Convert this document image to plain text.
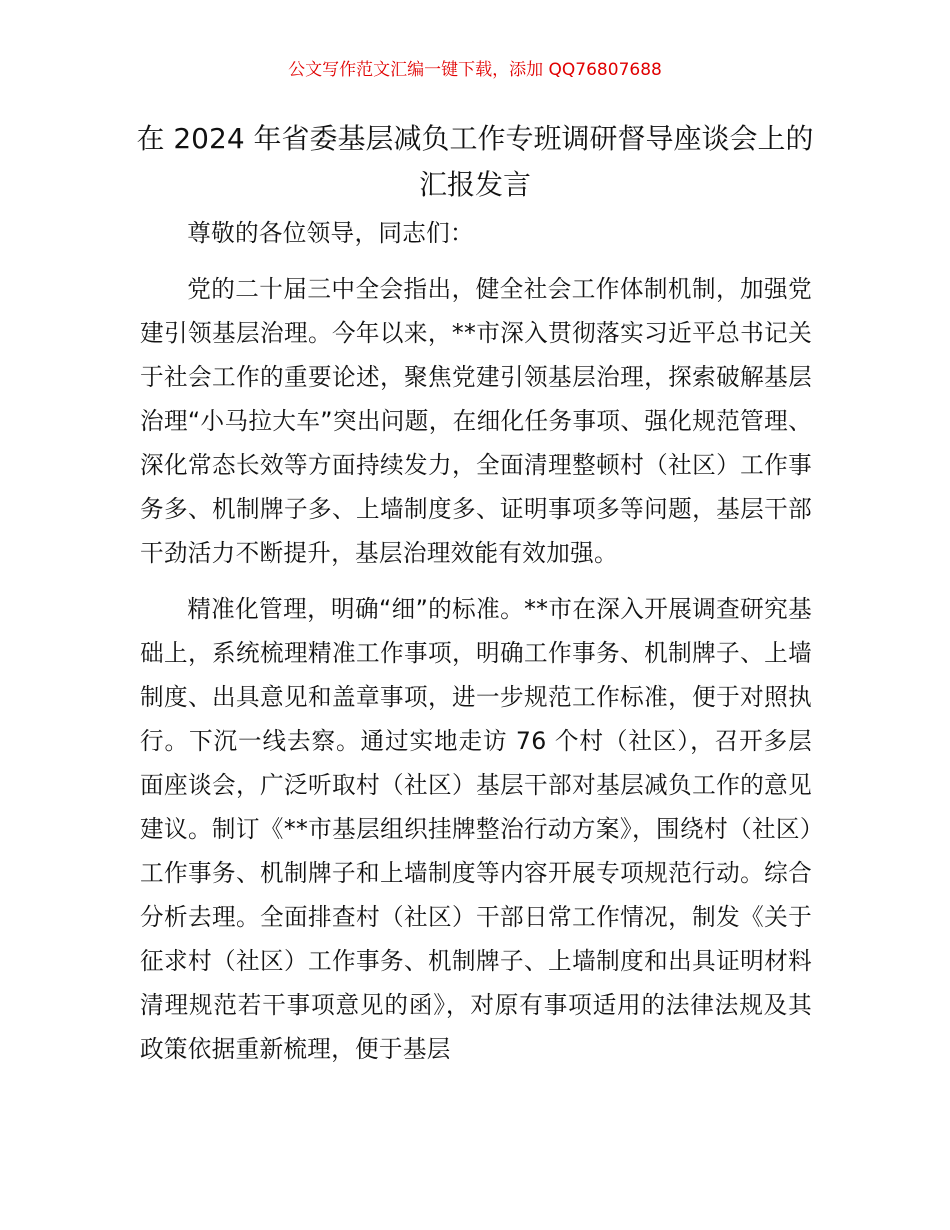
公文写作范文汇编一键下载，添加 QQ76807688
在 2024 年省委基层减负工作专班调研督导座谈会上的汇报发言

尊敬的各位领导，同志们：

党的二十届三中全会指出，健全社会工作体制机制，加强党建引领基层治理。今年以来，**市深入贯彻落实习近平总书记关于社会工作的重要论述，聚焦党建引领基层治理，探索破解基层治理“小马拉大车”突出问题，在细化任务事项、强化规范管理、深化常态长效等方面持续发力，全面清理整顿村（社区）工作事务多、机制牌子多、上墙制度多、证明事项多等问题，基层干部干劲活力不断提升，基层治理效能有效加强。

精准化管理，明确“细”的标准。**市在深入开展调查研究基础上，系统梳理精准工作事项，明确工作事务、机制牌子、上墙制度、出具意见和盖章事项，进一步规范工作标准，便于对照执行。下沉一线去察。通过实地走访 76 个村（社区），召开多层面座谈会，广泛听取村（社区）基层干部对基层减负工作的意见建议。制订《**市基层组织挂牌整治行动方案》，围绕村（社区）工作事务、机制牌子和上墙制度等内容开展专项规范行动。综合分析去理。全面排查村（社区）干部日常工作情况，制发《关于征求村（社区）工作事务、机制牌子、上墙制度和出具证明材料清理规范若干事项意见的函》，对原有事项适用的法律法规及其政策依据重新梳理，便于基层
